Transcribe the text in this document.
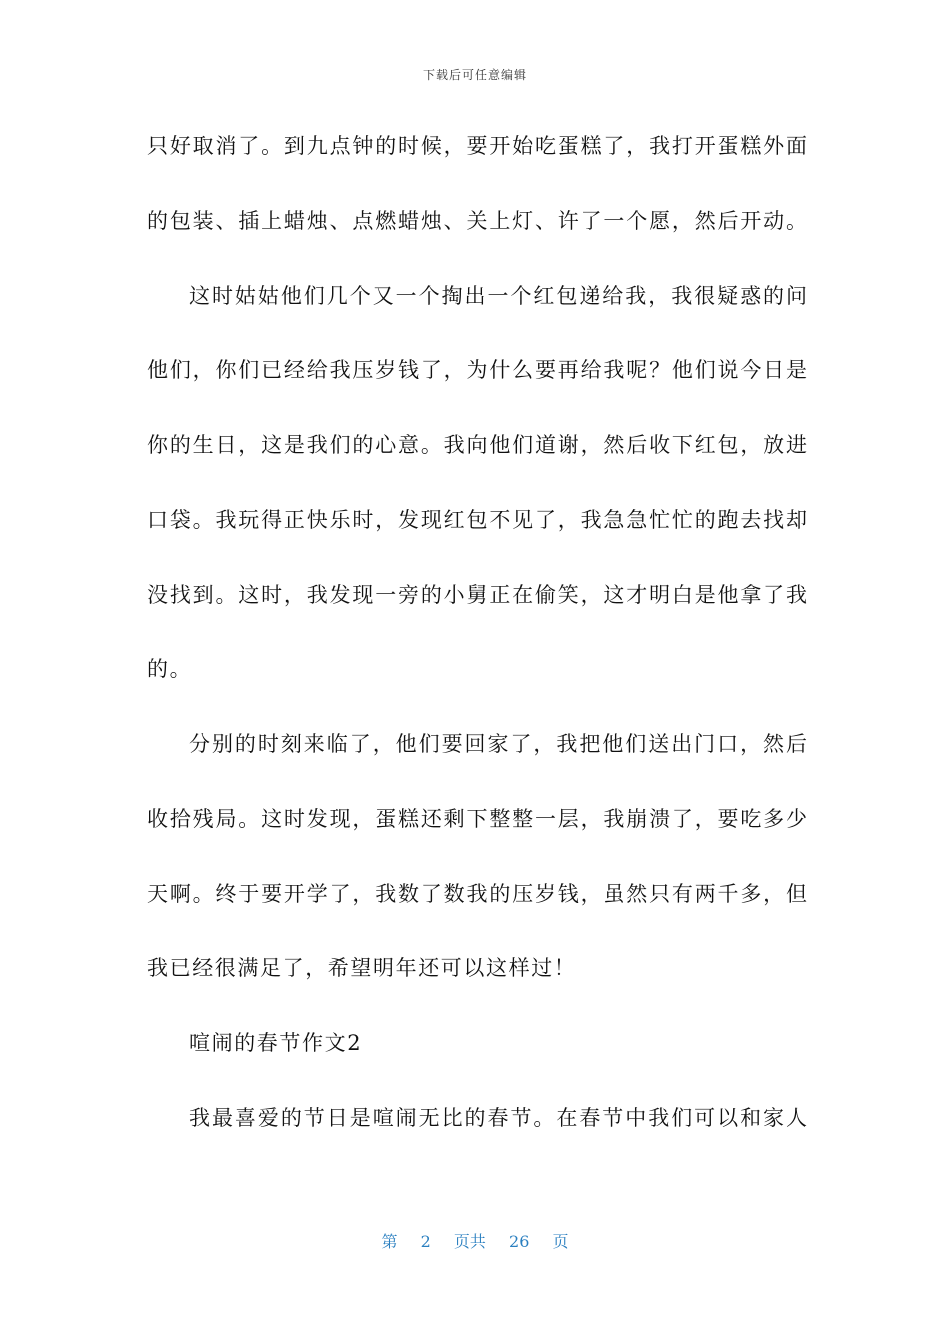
下载后可任意编辑
只好取消了。到九点钟的时候，要开始吃蛋糕了，我打开蛋糕外面
的包装、插上蜡烛、点燃蜡烛、关上灯、许了一个愿，然后开动。
这时姑姑他们几个又一个掏出一个红包递给我，我很疑惑的问
他们，你们已经给我压岁钱了，为什么要再给我呢？他们说今日是
你的生日，这是我们的心意。我向他们道谢，然后收下红包，放进
口袋。我玩得正快乐时，发现红包不见了，我急急忙忙的跑去找却
没找到。这时，我发现一旁的小舅正在偷笑，这才明白是他拿了我
的。
分别的时刻来临了，他们要回家了，我把他们送出门口，然后
收拾残局。这时发现，蛋糕还剩下整整一层，我崩溃了，要吃多少
天啊。终于要开学了，我数了数我的压岁钱，虽然只有两千多，但
我已经很满足了，希望明年还可以这样过！
喧闹的春节作文2
我最喜爱的节日是喧闹无比的春节。在春节中我们可以和家人
第 2 页共 26 页
